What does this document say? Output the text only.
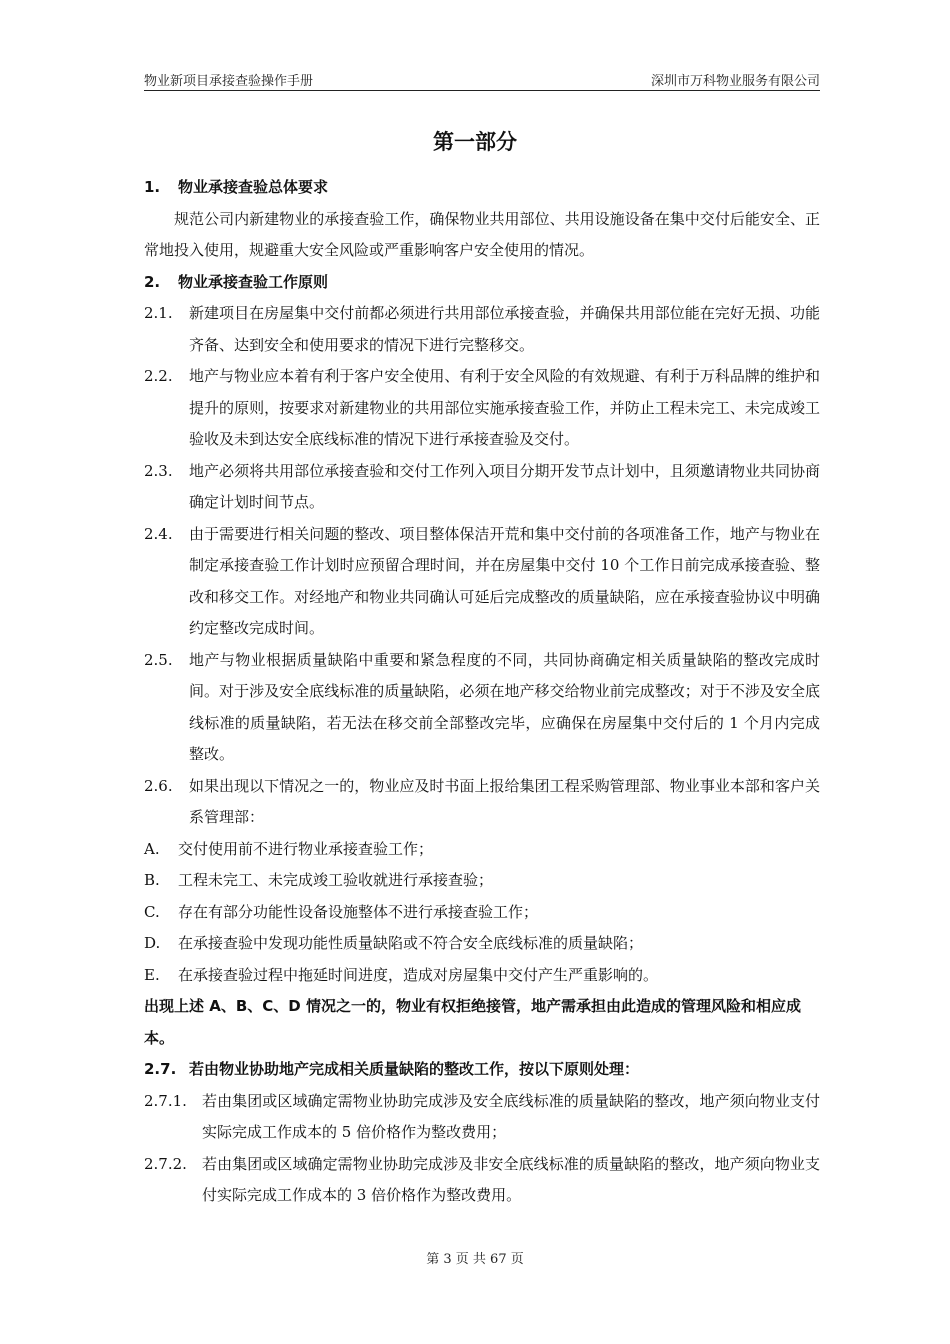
物业新项目承接查验操作手册	深圳市万科物业服务有限公司
第一部分

1. 物业承接查验总体要求

规范公司内新建物业的承接查验工作，确保物业共用部位、共用设施设备在集中交付后能安全、正常地投入使用，规避重大安全风险或严重影响客户安全使用的情况。

2. 物业承接查验工作原则

2.1. 新建项目在房屋集中交付前都必须进行共用部位承接查验，并确保共用部位能在完好无损、功能齐备、达到安全和使用要求的情况下进行完整移交。

2.2. 地产与物业应本着有利于客户安全使用、有利于安全风险的有效规避、有利于万科品牌的维护和提升的原则，按要求对新建物业的共用部位实施承接查验工作，并防止工程未完工、未完成竣工验收及未到达安全底线标准的情况下进行承接查验及交付。

2.3. 地产必须将共用部位承接查验和交付工作列入项目分期开发节点计划中，且须邀请物业共同协商确定计划时间节点。

2.4. 由于需要进行相关问题的整改、项目整体保洁开荒和集中交付前的各项准备工作，地产与物业在制定承接查验工作计划时应预留合理时间，并在房屋集中交付 10 个工作日前完成承接查验、整改和移交工作。对经地产和物业共同确认可延后完成整改的质量缺陷，应在承接查验协议中明确约定整改完成时间。

2.5. 地产与物业根据质量缺陷中重要和紧急程度的不同，共同协商确定相关质量缺陷的整改完成时间。对于涉及安全底线标准的质量缺陷，必须在地产移交给物业前完成整改；对于不涉及安全底线标准的质量缺陷，若无法在移交前全部整改完毕，应确保在房屋集中交付后的 1 个月内完成整改。

2.6. 如果出现以下情况之一的，物业应及时书面上报给集团工程采购管理部、物业事业本部和客户关系管理部：

A. 交付使用前不进行物业承接查验工作；

B. 工程未完工、未完成竣工验收就进行承接查验；

C. 存在有部分功能性设备设施整体不进行承接查验工作；

D. 在承接查验中发现功能性质量缺陷或不符合安全底线标准的质量缺陷；

E. 在承接查验过程中拖延时间进度，造成对房屋集中交付产生严重影响的。

出现上述 A、B、C、D 情况之一的，物业有权拒绝接管，地产需承担由此造成的管理风险和相应成本。

2.7. 若由物业协助地产完成相关质量缺陷的整改工作，按以下原则处理：

2.7.1. 若由集团或区域确定需物业协助完成涉及安全底线标准的质量缺陷的整改，地产须向物业支付实际完成工作成本的 5 倍价格作为整改费用；

2.7.2. 若由集团或区域确定需物业协助完成涉及非安全底线标准的质量缺陷的整改，地产须向物业支付实际完成工作成本的 3 倍价格作为整改费用。

第 3 页 共 67 页
